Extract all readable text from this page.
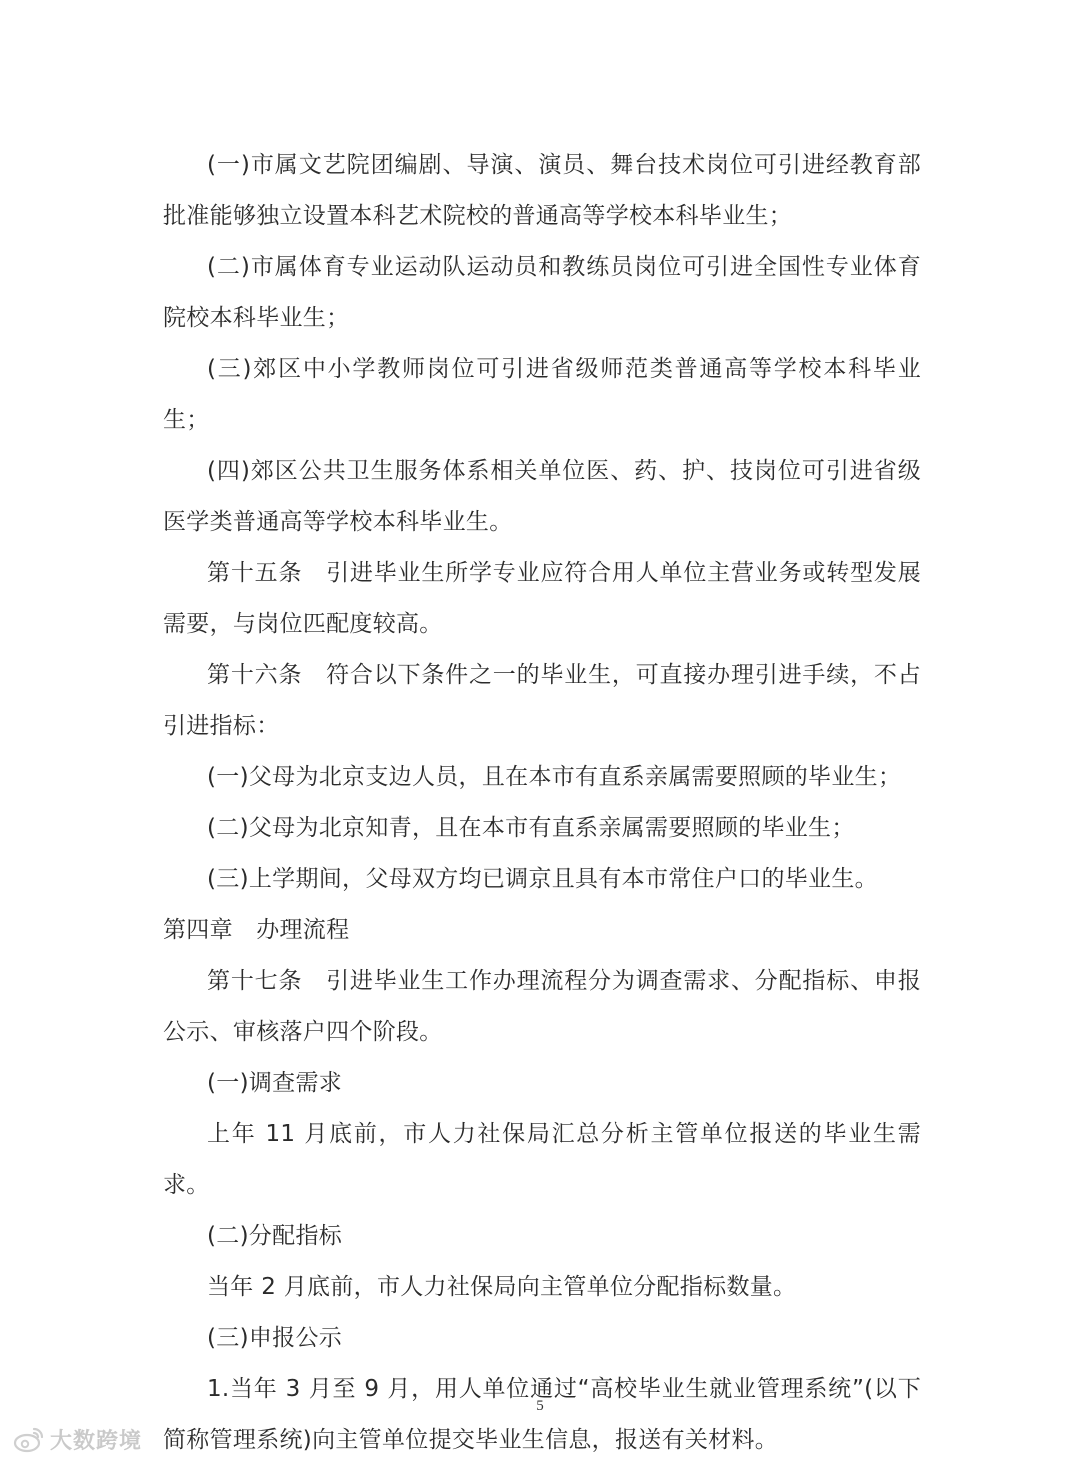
(一)市属文艺院团编剧、导演、演员、舞台技术岗位可引进经教育部批准能够独立设置本科艺术院校的普通高等学校本科毕业生；

(二)市属体育专业运动队运动员和教练员岗位可引进全国性专业体育院校本科毕业生；

(三)郊区中小学教师岗位可引进省级师范类普通高等学校本科毕业生；

(四)郊区公共卫生服务体系相关单位医、药、护、技岗位可引进省级医学类普通高等学校本科毕业生。

第十五条　引进毕业生所学专业应符合用人单位主营业务或转型发展需要，与岗位匹配度较高。

第十六条　符合以下条件之一的毕业生，可直接办理引进手续，不占引进指标：

(一)父母为北京支边人员，且在本市有直系亲属需要照顾的毕业生；

(二)父母为北京知青，且在本市有直系亲属需要照顾的毕业生；

(三)上学期间，父母双方均已调京且具有本市常住户口的毕业生。

第四章　办理流程

第十七条　引进毕业生工作办理流程分为调查需求、分配指标、申报公示、审核落户四个阶段。

(一)调查需求

上年 11 月底前，市人力社保局汇总分析主管单位报送的毕业生需求。

(二)分配指标

当年 2 月底前，市人力社保局向主管单位分配指标数量。

(三)申报公示

1.当年 3 月至 9 月，用人单位通过“高校毕业生就业管理系统”(以下简称管理系统)向主管单位提交毕业生信息，报送有关材料。

5
大数跨境
